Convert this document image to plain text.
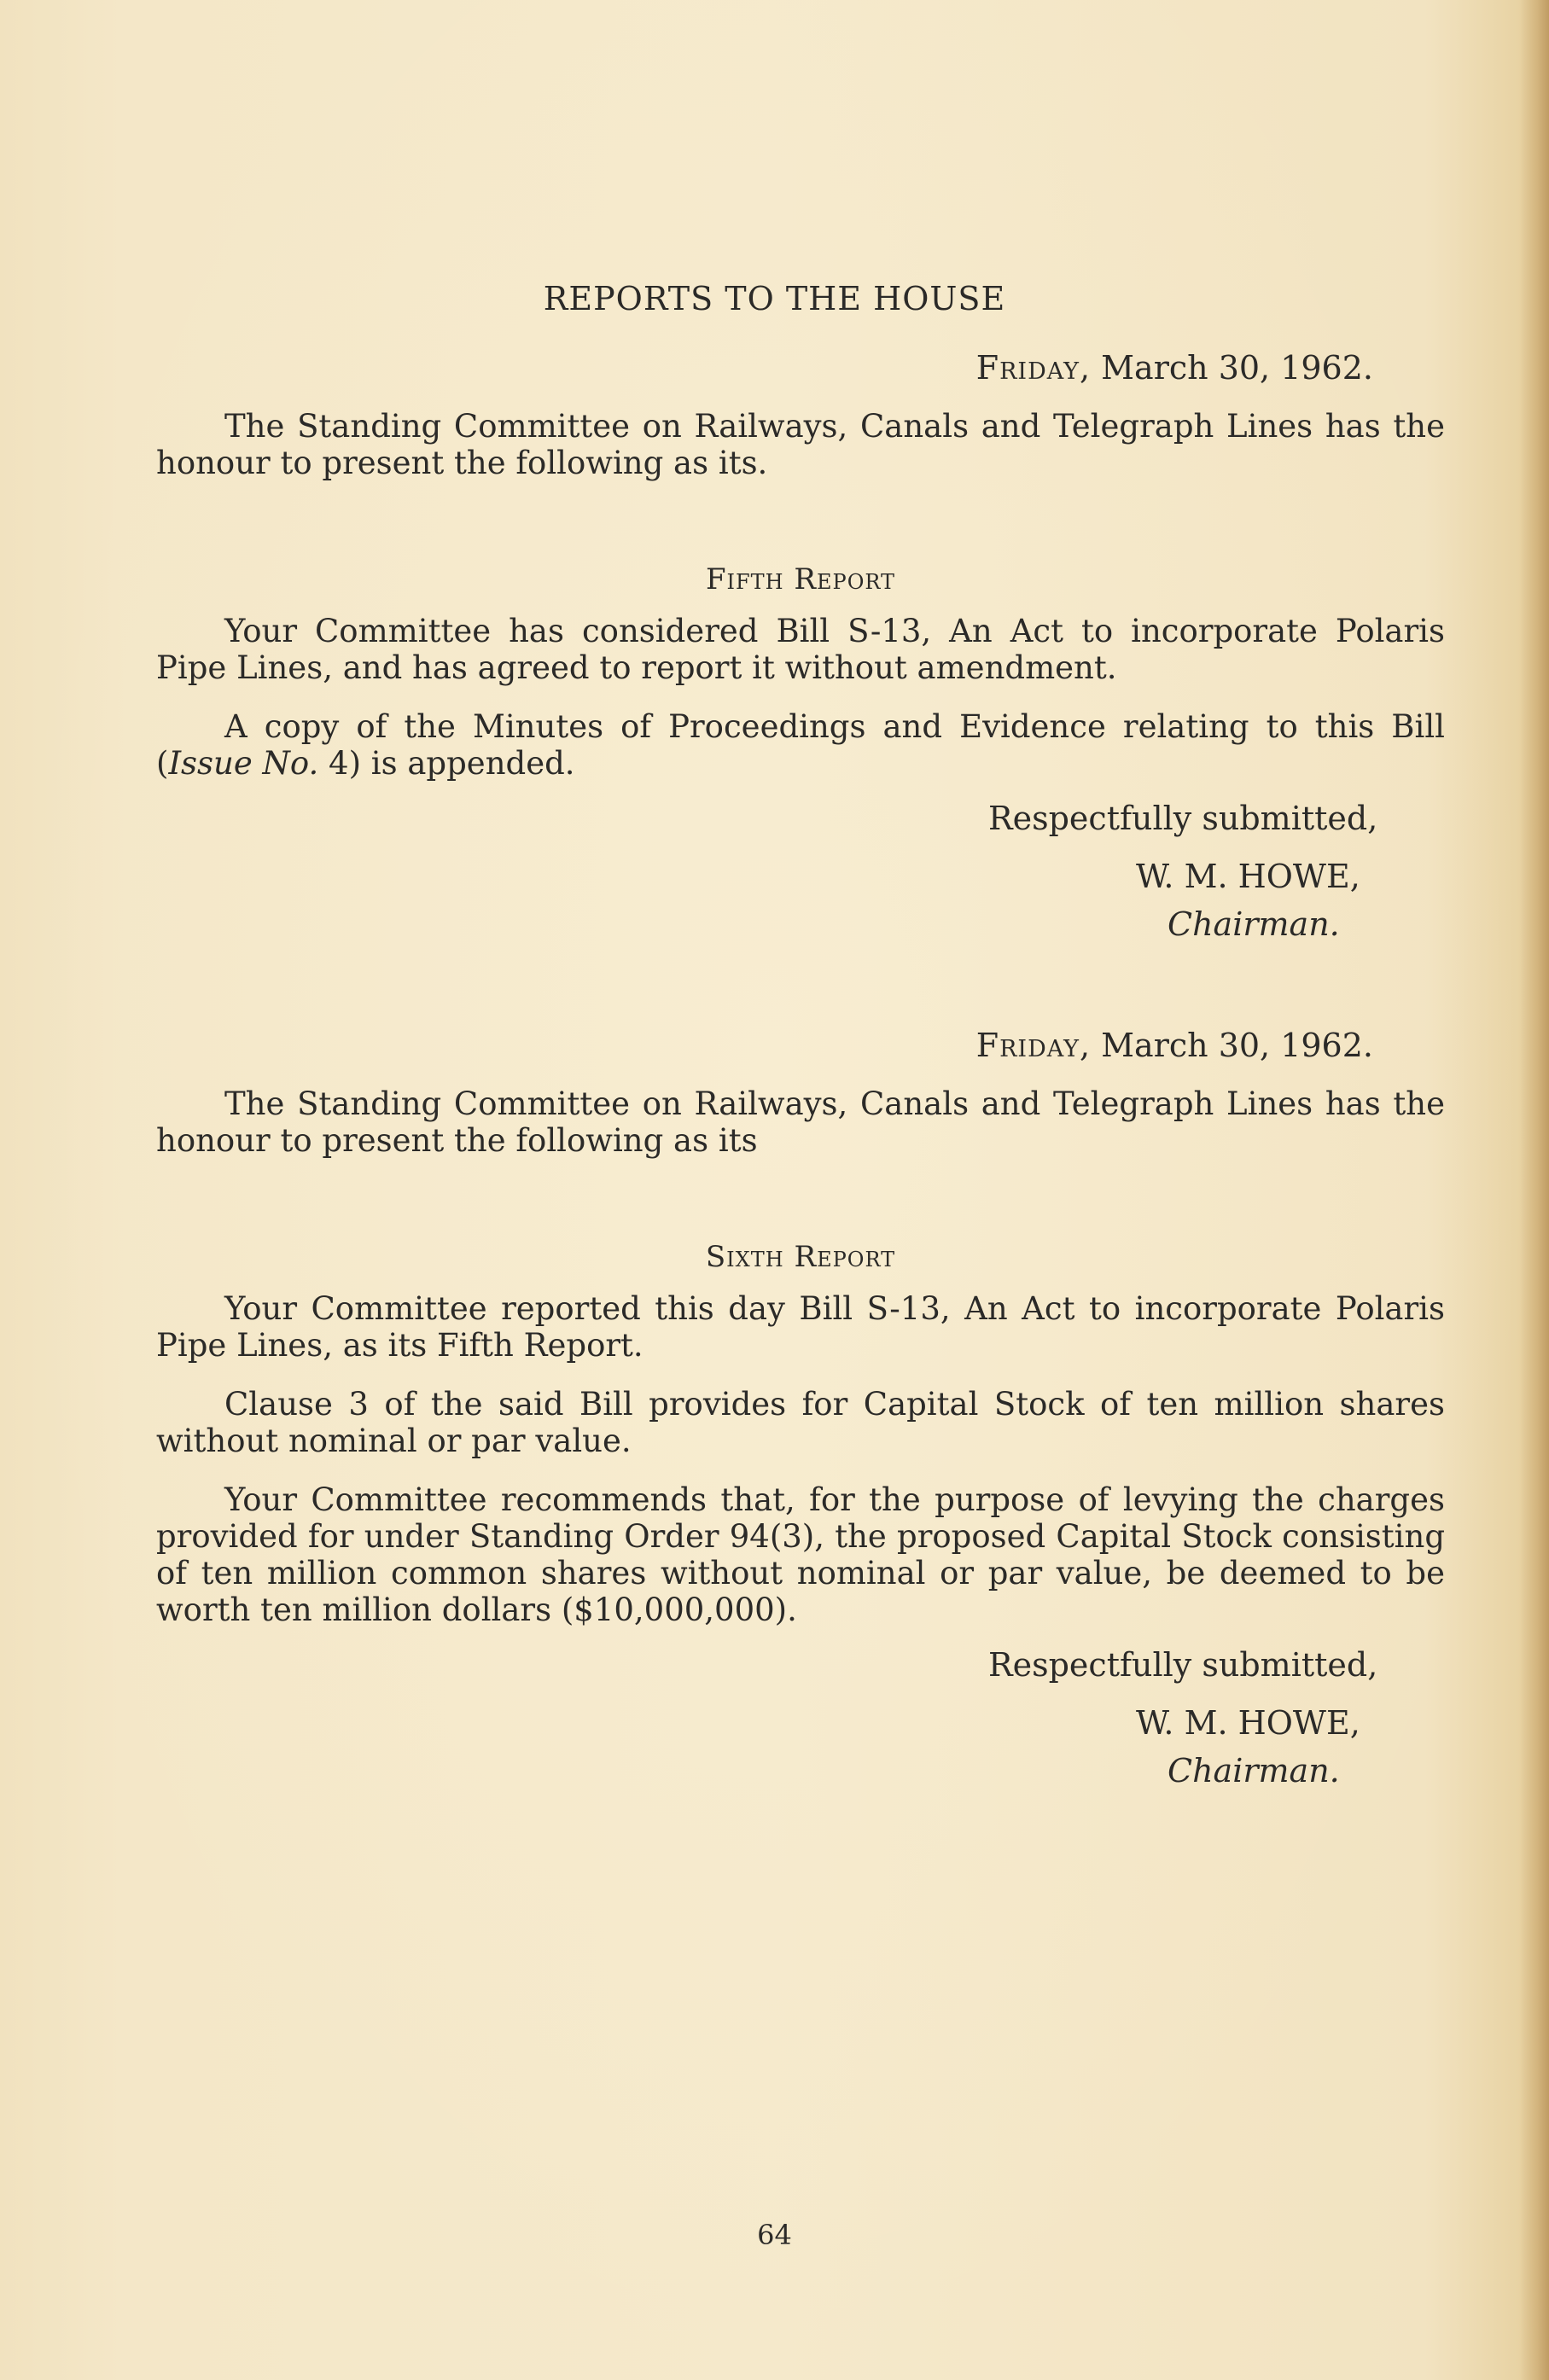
REPORTS TO THE HOUSE

Friday, March 30, 1962.

The Standing Committee on Railways, Canals and Telegraph Lines has the honour to present the following as its.

Fifth Report

Your Committee has considered Bill S-13, An Act to incorporate Polaris Pipe Lines, and has agreed to report it without amendment.

A copy of the Minutes of Proceedings and Evidence relating to this Bill (Issue No. 4) is appended.

Respectfully submitted,
W. M. HOWE,
Chairman.

Friday, March 30, 1962.

The Standing Committee on Railways, Canals and Telegraph Lines has the honour to present the following as its

Sixth Report

Your Committee reported this day Bill S-13, An Act to incorporate Polaris Pipe Lines, as its Fifth Report.

Clause 3 of the said Bill provides for Capital Stock of ten million shares without nominal or par value.

Your Committee recommends that, for the purpose of levying the charges provided for under Standing Order 94(3), the proposed Capital Stock consisting of ten million common shares without nominal or par value, be deemed to be worth ten million dollars ($10,000,000).

Respectfully submitted,
W. M. HOWE,
Chairman.

64
